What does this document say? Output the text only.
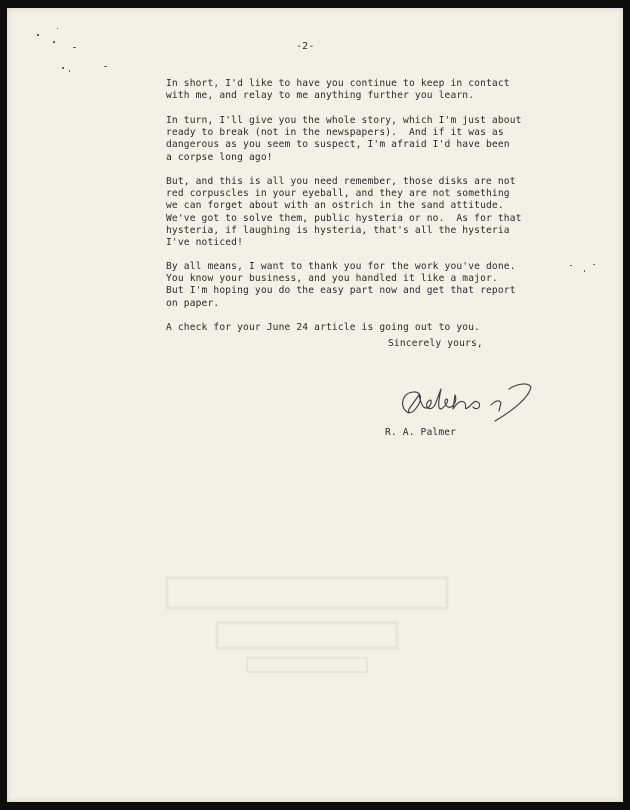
-2-
In short, I'd like to have you continue to keep in contact
with me, and relay to me anything further you learn.
In turn, I'll give you the whole story, which I'm just about
ready to break (not in the newspapers).  And if it was as
dangerous as you seem to suspect, I'm afraid I'd have been
a corpse long ago!
But, and this is all you need remember, those disks are not
red corpuscles in your eyeball, and they are not something
we can forget about with an ostrich in the sand attitude.
We've got to solve them, public hysteria or no.  As for that
hysteria, if laughing is hysteria, that's all the hysteria
I've noticed!
By all means, I want to thank you for the work you've done.
You know your business, and you handled it like a major.
But I'm hoping you do the easy part now and get that report
on paper.
A check for your June 24 article is going out to you.
Sincerely yours,
R. A. Palmer
